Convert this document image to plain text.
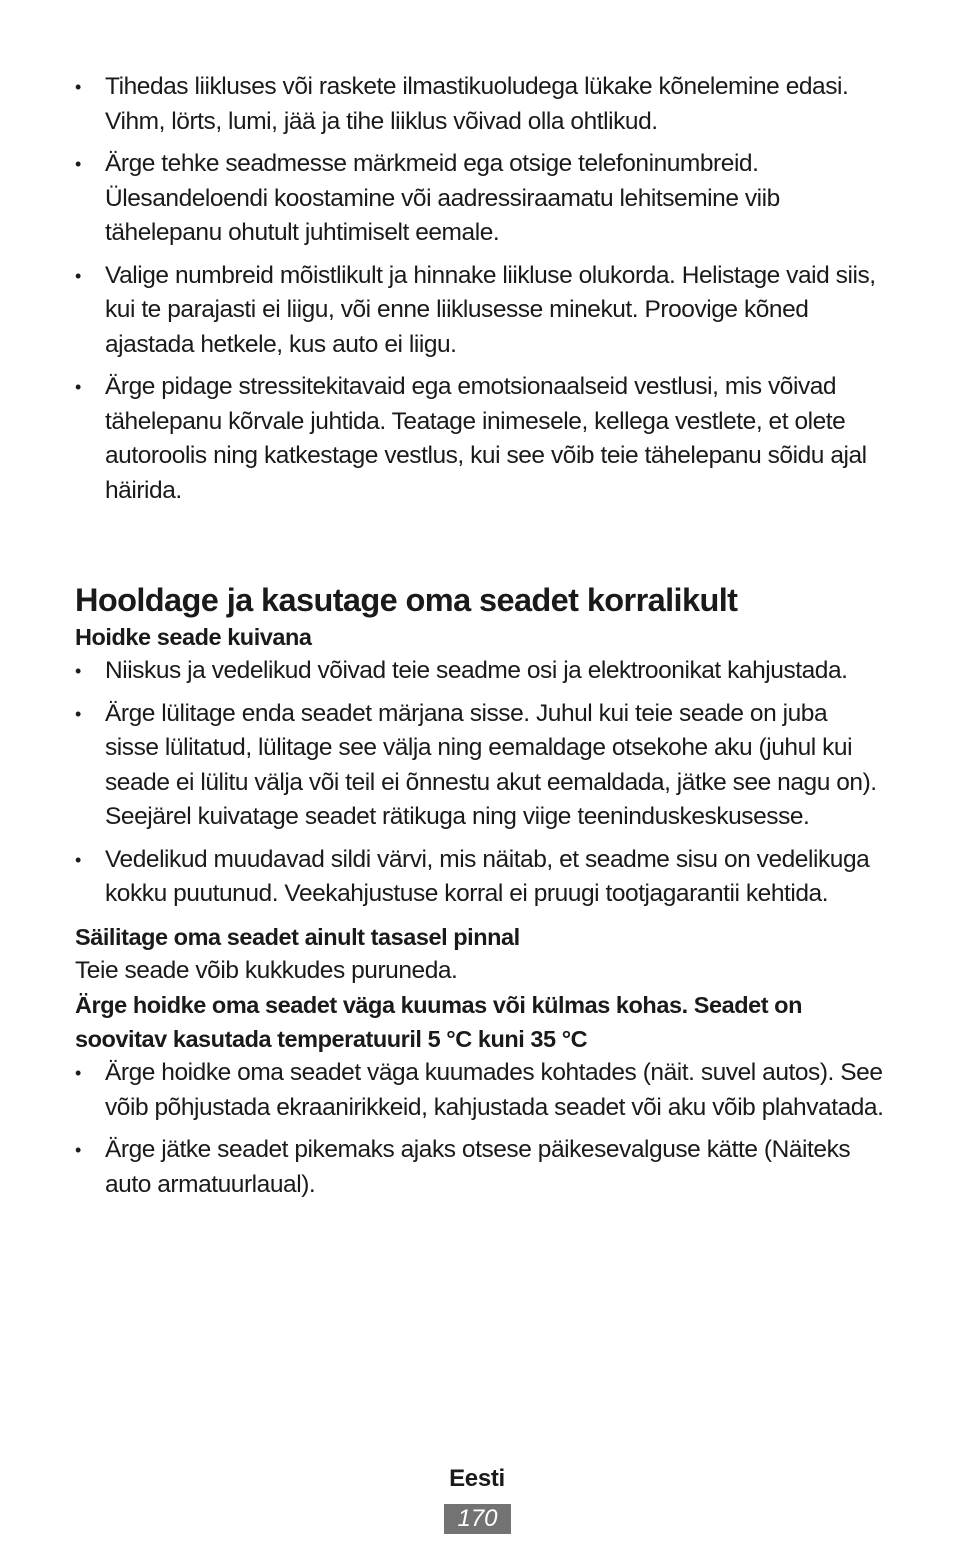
• Tihedas liikluses või raskete ilmastikuoludega lükake kõnelemine edasi. Vihm, lörts, lumi, jää ja tihe liiklus võivad olla ohtlikud.
• Ärge tehke seadmesse märkmeid ega otsige telefoninumbreid. Ülesandeloendi koostamine või aadressiraamatu lehitsemine viib tähelepanu ohutult juhtimiselt eemale.
• Valige numbreid mõistlikult ja hinnake liikluse olukorda. Helistage vaid siis, kui te parajasti ei liigu, või enne liiklusesse minekut. Proovige kõned ajastada hetkele, kus auto ei liigu.
• Ärge pidage stressitekitavaid ega emotsionaalseid vestlusi, mis võivad tähelepanu kõrvale juhtida. Teatage inimesele, kellega vestlete, et olete autoroolis ning katkestage vestlus, kui see võib teie tähelepanu sõidu ajal häirida.
Hooldage ja kasutage oma seadet korralikult
Hoidke seade kuivana
• Niiskus ja vedelikud võivad teie seadme osi ja elektroonikat kahjustada.
• Ärge lülitage enda seadet märjana sisse. Juhul kui teie seade on juba sisse lülitatud, lülitage see välja ning eemaldage otsekohe aku (juhul kui seade ei lülitu välja või teil ei õnnestu akut eemaldada, jätke see nagu on). Seejärel kuivatage seadet rätikuga ning viige teeninduskeskusesse.
• Vedelikud muudavad sildi värvi, mis näitab, et seadme sisu on vedelikuga kokku puutunud. Veekahjustuse korral ei pruugi tootjagarantii kehtida.
Säilitage oma seadet ainult tasasel pinnal

Teie seade võib kukkudes puruneda.

Ärge hoidke oma seadet väga kuumas või külmas kohas. Seadet on soovitav kasutada temperatuuril 5 °C kuni 35 °C
• Ärge hoidke oma seadet väga kuumades kohtades (näit. suvel autos). See võib põhjustada ekraanirikkeid, kahjustada seadet või aku võib plahvatada.
• Ärge jätke seadet pikemaks ajaks otsese päikesevalguse kätte (Näiteks auto armatuurlaual).
Eesti
170
